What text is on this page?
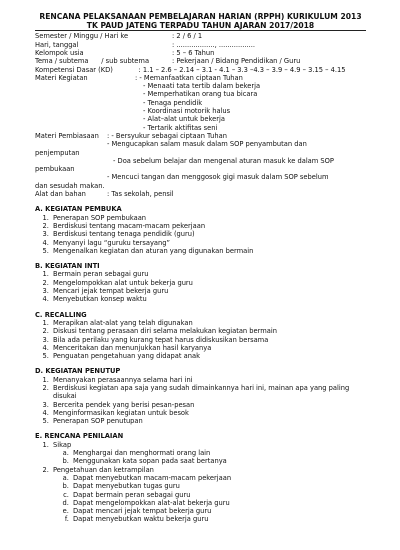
RENCANA PELAKSANAAN PEMBELAJARAN HARIAN (RPPH) KURIKULUM 2013
TK PAUD JATENG TERPADU TAHUN AJARAN 2017/2018
Semester / Minggu / Hari ke	: 2 / 6 / 1
Hari, tanggal	: .................., .................
Kelompok usia	: 5 – 6 Tahun
Tema / subtema      / sub subtema	: Pekerjaan / Bidang Pendidikan / Guru
Kompetensi Dasar (KD)	: 1.1 – 2.6 – 2.14 – 3.1 - 4.1 – 3.3 –4.3 – 3.9 – 4.9 – 3.15 – 4.15
Materi Kegiatan	: - Memanfaatkan ciptaan Tuhan
- Menaati tata tertib dalam bekerja
- Memperhatikan orang tua bicara
- Tenaga pendidik
- Koordinasi motorik halus
- Alat–alat untuk bekerja
- Tertarik aktifitas seni
Materi Pembiasaan	: - Bersyukur sebagai ciptaan Tuhan
- Mengucapkan salam masuk dalam SOP penyambutan dan
penjemputan
- Doa sebelum belajar dan mengenal aturan masuk ke dalam SOP
pembukaan
- Mencuci tangan dan menggosok gigi masuk dalam SOP sebelum
dan sesudah makan.
Alat dan bahan	: Tas sekolah, pensil
A. KEGIATAN PEMBUKA
1. Penerapan SOP pembukaan
2. Berdiskusi tentang macam-macam pekerjaan
3. Berdiskusi tentang tenaga pendidik (guru)
4. Menyanyi lagu “guruku tersayang”
5. Mengenalkan kegiatan dan aturan yang digunakan bermain
B. KEGIATAN INTI
1. Bermain peran sebagai guru
2. Mengelompokkan alat untuk bekerja guru
3. Mencari jejak tempat bekerja guru
4. Menyebutkan konsep waktu
C. RECALLING
1. Merapikan alat-alat yang telah digunakan
2. Diskusi tentang perasaan diri selama melakukan kegiatan bermain
3. Bila ada perilaku yang kurang tepat harus didiskusikan bersama
4. Menceritakan dan menunjukkan hasil karyanya
5. Penguatan pengetahuan yang didapat anak
D. KEGIATAN PENUTUP
1. Menanyakan perasaannya selama hari ini
2. Berdiskusi kegiatan apa saja yang sudah dimainkannya hari ini, mainan apa yang paling disukai
3. Bercerita pendek yang berisi pesan-pesan
4. Menginformasikan kegiatan untuk besok
5. Penerapan SOP penutupan
E. RENCANA PENILAIAN
1. Sikap
a. Menghargai dan menghormati orang lain
b. Menggunakan kata sopan pada saat bertanya
2. Pengetahuan dan ketrampilan
a. Dapat menyebutkan macam-macam pekerjaan
b. Dapat menyebutkan tugas guru
c. Dapat bermain peran sebagai guru
d. Dapat mengelompokkan alat-alat bekerja guru
e. Dapat mencari jejak tempat bekerja guru
f. Dapat menyebutkan waktu bekerja guru
